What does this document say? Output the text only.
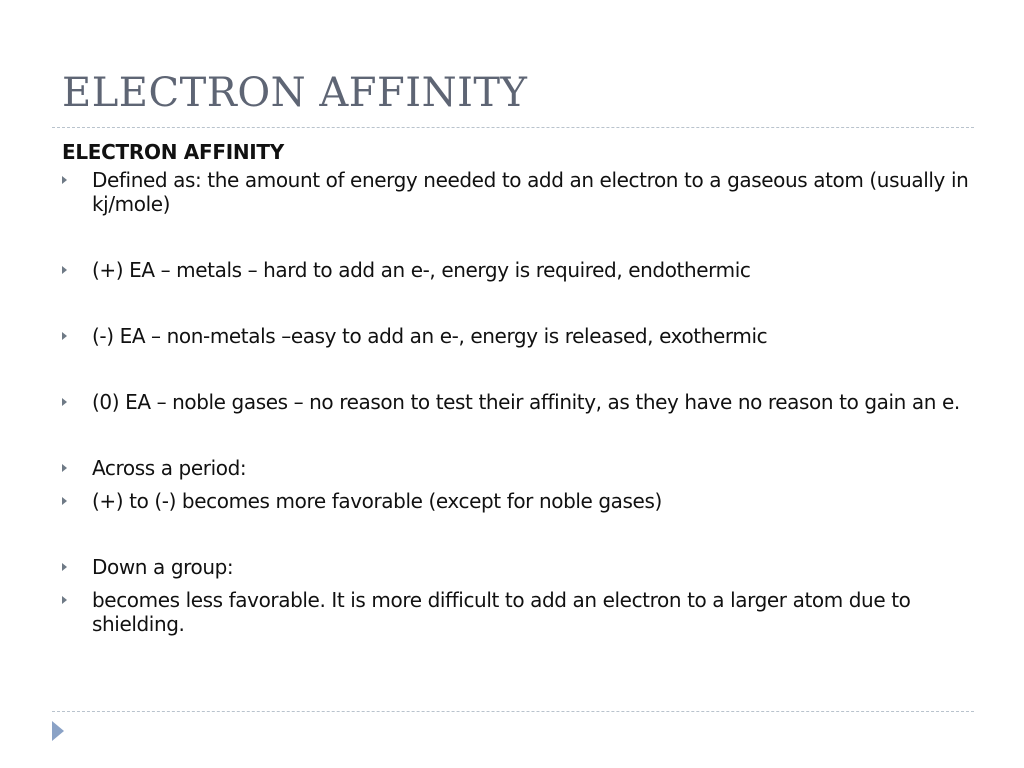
ELECTRON AFFINITY
ELECTRON AFFINITY
Defined as: the amount of energy needed to add an electron to a gaseous atom (usually in kj/mole)
(+) EA – metals – hard to add an e-, energy is required, endothermic
(-) EA – non-metals –easy to add an e-, energy is released, exothermic
(0) EA – noble gases – no reason to test their affinity, as they have no reason to gain an e.
Across a period:
(+) to (-) becomes more favorable (except for noble gases)
Down a group:
becomes less favorable. It is more difficult to add an electron to a larger atom due to shielding.
